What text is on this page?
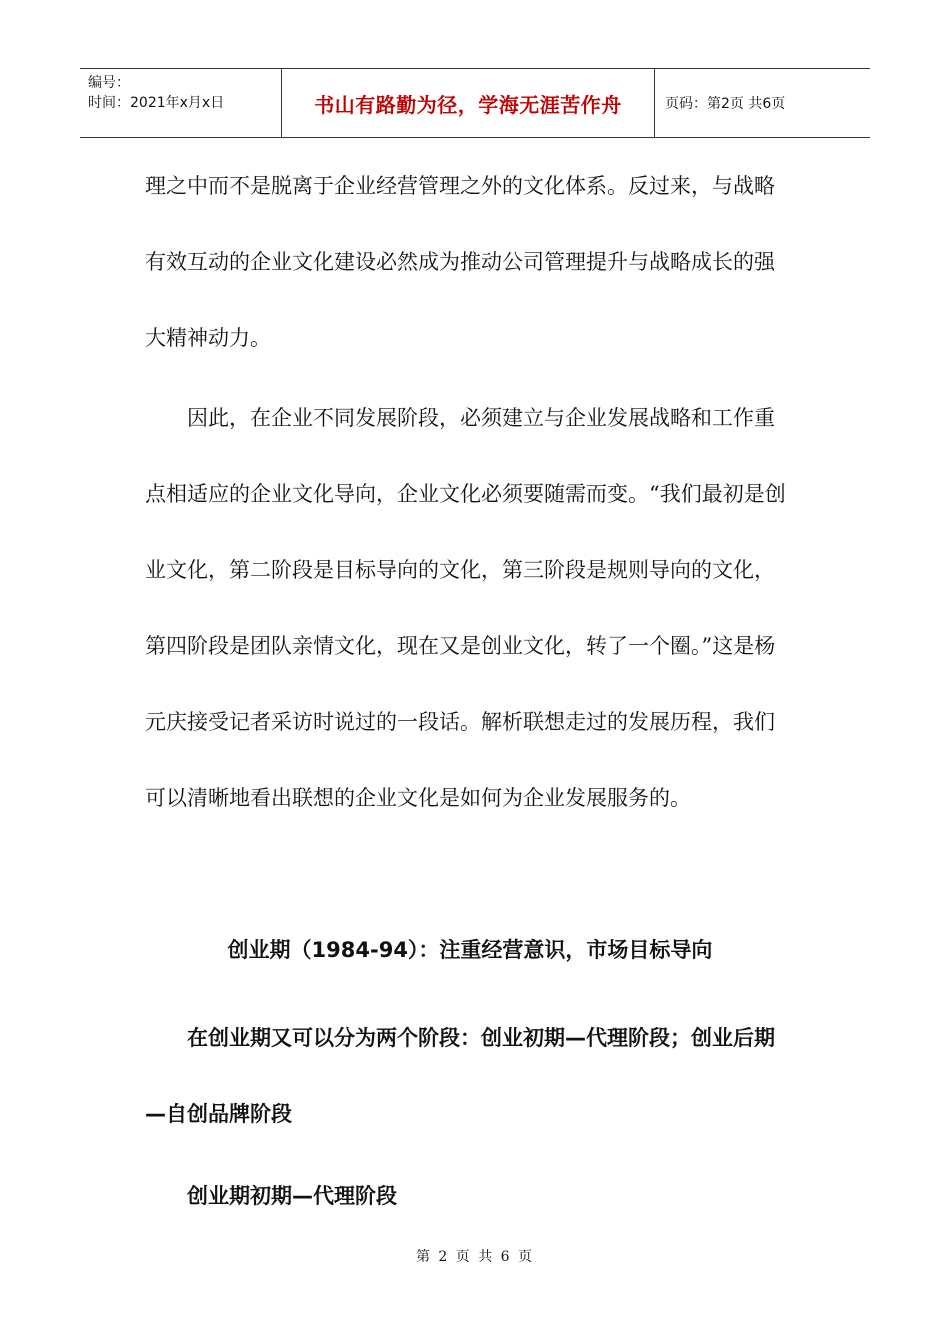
编号：
时间：2021年x月x日	书山有路勤为径，学海无涯苦作舟	页码：第2页 共6页

理之中而不是脱离于企业经营管理之外的文化体系。反过来，与战略有效互动的企业文化建设必然成为推动公司管理提升与战略成长的强大精神动力。

因此，在企业不同发展阶段，必须建立与企业发展战略和工作重点相适应的企业文化导向，企业文化必须要随需而变。“我们最初是创业文化，第二阶段是目标导向的文化，第三阶段是规则导向的文化，第四阶段是团队亲情文化，现在又是创业文化，转了一个圈。”这是杨元庆接受记者采访时说过的一段话。解析联想走过的发展历程，我们可以清晰地看出联想的企业文化是如何为企业发展服务的。

创业期（1984-94）：注重经营意识，市场目标导向

在创业期又可以分为两个阶段：创业初期—代理阶段；创业后期—自创品牌阶段

创业期初期—代理阶段

第 2 页 共 6 页
